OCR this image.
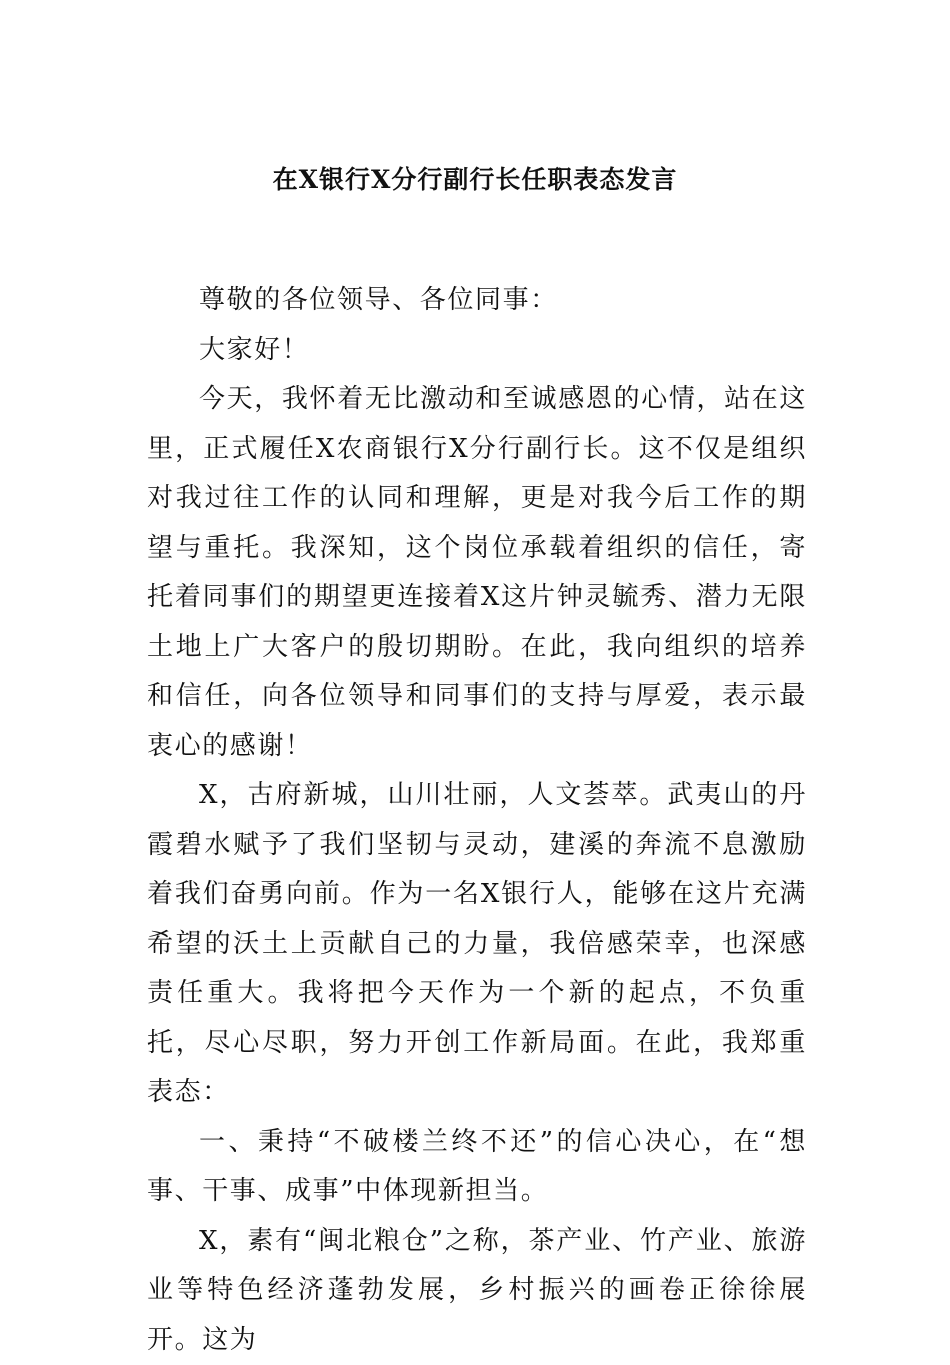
在X银行X分行副行长任职表态发言

尊敬的各位领导、各位同事：

大家好！

今天，我怀着无比激动和至诚感恩的心情，站在这里，正式履任X农商银行X分行副行长。这不仅是组织对我过往工作的认同和理解，更是对我今后工作的期望与重托。我深知，这个岗位承载着组织的信任，寄托着同事们的期望更连接着X这片钟灵毓秀、潜力无限土地上广大客户的殷切期盼。在此，我向组织的培养和信任，向各位领导和同事们的支持与厚爱，表示最衷心的感谢！

X，古府新城，山川壮丽，人文荟萃。武夷山的丹霞碧水赋予了我们坚韧与灵动，建溪的奔流不息激励着我们奋勇向前。作为一名X银行人，能够在这片充满希望的沃土上贡献自己的力量，我倍感荣幸，也深感责任重大。我将把今天作为一个新的起点，不负重托，尽心尽职，努力开创工作新局面。在此，我郑重表态：

一、秉持“不破楼兰终不还”的信心决心，在“想事、干事、成事”中体现新担当。

X，素有“闽北粮仓”之称，茶产业、竹产业、旅游业等特色经济蓬勃发展，乡村振兴的画卷正徐徐展开。这为
